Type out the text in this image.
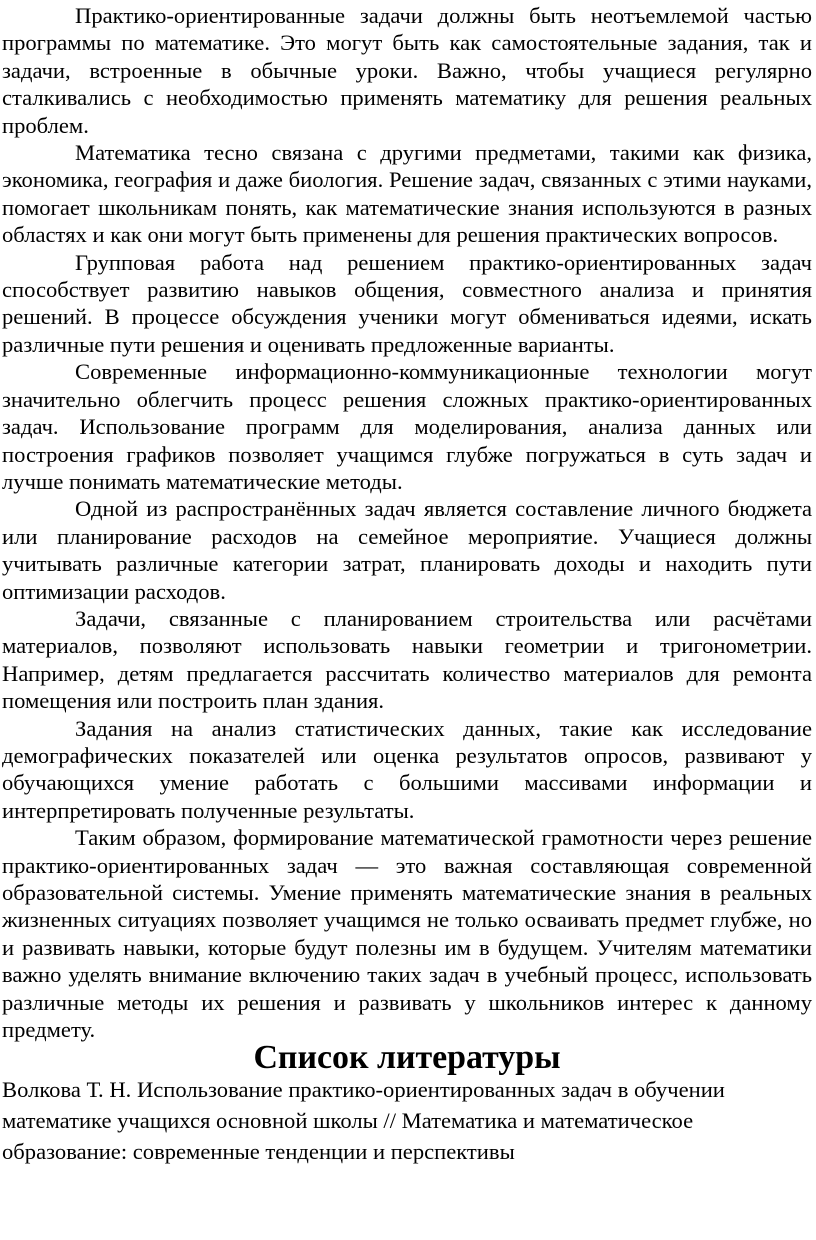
Практико-ориентированные задачи должны быть неотъемлемой частью программы по математике. Это могут быть как самостоятельные задания, так и задачи, встроенные в обычные уроки. Важно, чтобы учащиеся регулярно сталкивались с необходимостью применять математику для решения реальных проблем.

Математика тесно связана с другими предметами, такими как физика, экономика, география и даже биология. Решение задач, связанных с этими науками, помогает школьникам понять, как математические знания используются в разных областях и как они могут быть применены для решения практических вопросов.

Групповая работа над решением практико-ориентированных задач способствует развитию навыков общения, совместного анализа и принятия решений. В процессе обсуждения ученики могут обмениваться идеями, искать различные пути решения и оценивать предложенные варианты.

Современные информационно-коммуникационные технологии могут значительно облегчить процесс решения сложных практико-ориентированных задач. Использование программ для моделирования, анализа данных или построения графиков позволяет учащимся глубже погружаться в суть задач и лучше понимать математические методы.

Одной из распространённых задач является составление личного бюджета или планирование расходов на семейное мероприятие. Учащиеся должны учитывать различные категории затрат, планировать доходы и находить пути оптимизации расходов.

Задачи, связанные с планированием строительства или расчётами материалов, позволяют использовать навыки геометрии и тригонометрии. Например, детям предлагается рассчитать количество материалов для ремонта помещения или построить план здания.

Задания на анализ статистических данных, такие как исследование демографических показателей или оценка результатов опросов, развивают у обучающихся умение работать с большими массивами информации и интерпретировать полученные результаты.

Таким образом, формирование математической грамотности через решение практико-ориентированных задач — это важная составляющая современной образовательной системы. Умение применять математические знания в реальных жизненных ситуациях позволяет учащимся не только осваивать предмет глубже, но и развивать навыки, которые будут полезны им в будущем. Учителям математики важно уделять внимание включению таких задач в учебный процесс, использовать различные методы их решения и развивать у школьников интерес к данному предмету.

Список литературы

Волкова Т. Н. Использование практико-ориентированных задач в обучении математике учащихся основной школы // Математика и математическое образование: современные тенденции и перспективы
